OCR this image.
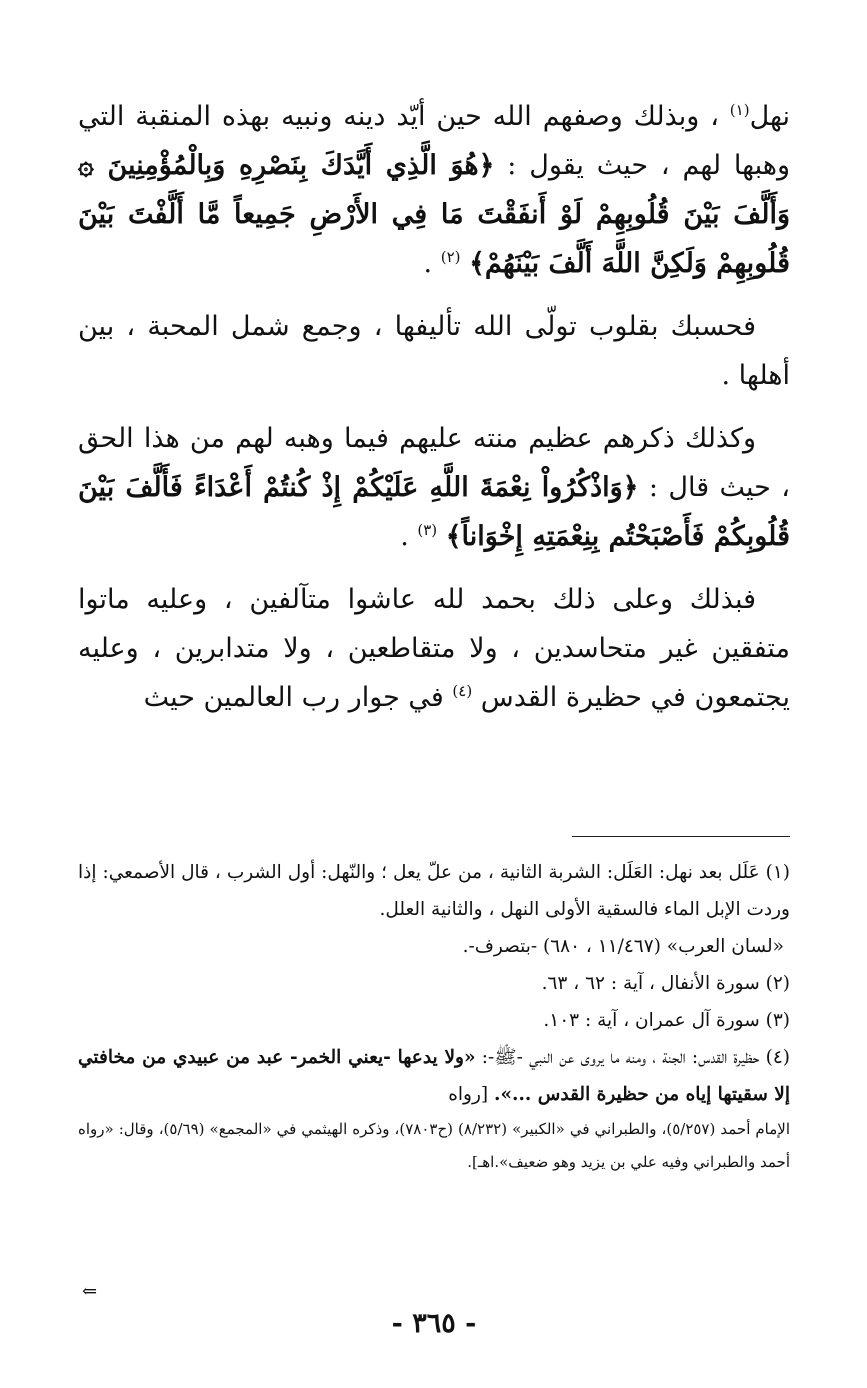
نهل$^{(١)}$ ، وبذلك وصفهم الله حين أيّد دينه ونبيه بهذه المنقبة التي وهبها لهم ، حيث يقول : ﴿هُوَ الَّذِي أَيَّدَكَ بِنَصْرِهِ وَبِالْمُؤْمِنِينَ ۞ وَأَلَّفَ بَيْنَ قُلُوبِهِمْ لَوْ أَنفَقْتَ مَا فِي الأَرْضِ جَمِيعاً مَّا أَلَّفْتَ بَيْنَ قُلُوبِهِمْ وَلَكِنَّ اللَّهَ أَلَّفَ بَيْنَهُمْ﴾ $^{(٢)}$ .

فحسبك بقلوب تولّى الله تأليفها ، وجمع شمل المحبة ، بين أهلها .

وكذلك ذكرهم عظيم منته عليهم فيما وهبه لهم من هذا الحق ، حيث قال : ﴿وَاذْكُرُواْ نِعْمَةَ اللَّهِ عَلَيْكُمْ إِذْ كُنتُمْ أَعْدَاءً فَأَلَّفَ بَيْنَ قُلُوبِكُمْ فَأَصْبَحْتُم بِنِعْمَتِهِ إِخْوَاناً﴾ $^{(٣)}$ .

فبذلك وعلى ذلك بحمد لله عاشوا متآلفين ، وعليه ماتوا متفقين غير متحاسدين ، ولا متقاطعين ، ولا متدابرين ، وعليه يجتمعون في حظيرة القدس $^{(٤)}$ في جوار رب العالمين حيث

(١) عَلَل بعد نهل: العَلَل: الشربة الثانية ، من علّ يعل ؛ والنّهل: أول الشرب ، قال الأصمعي: إذا وردت الإبل الماء فالسقية الأولى النهل ، والثانية العلل.

«لسان العرب» (١١/٤٦٧ ، ٦٨٠) -بتصرف-.

(٢) سورة الأنفال ، آية : ٦٢ ، ٦٣.

(٣) سورة آل عمران ، آية : ١٠٣.

(٤) حظيرة القدس: الجنة ، ومنه ما يروى عن النبي -ﷺ-: «ولا يدعها -يعني الخمر- عبد من عبيدي من مخافتي إلا سقيتها إياه من حظيرة القدس ...». [رواه

الإمام أحمد (٥/٢٥٧)، والطبراني في «الكبير» (٨/٢٣٢) (ح٧٨٠٣)، وذكره الهيثمي في «المجمع» (٥/٦٩)، وقال: «رواه أحمد والطبراني وفيه علي بن يزيد وهو ضعيف».اهـ].

⇐
- ٣٦٥ -
